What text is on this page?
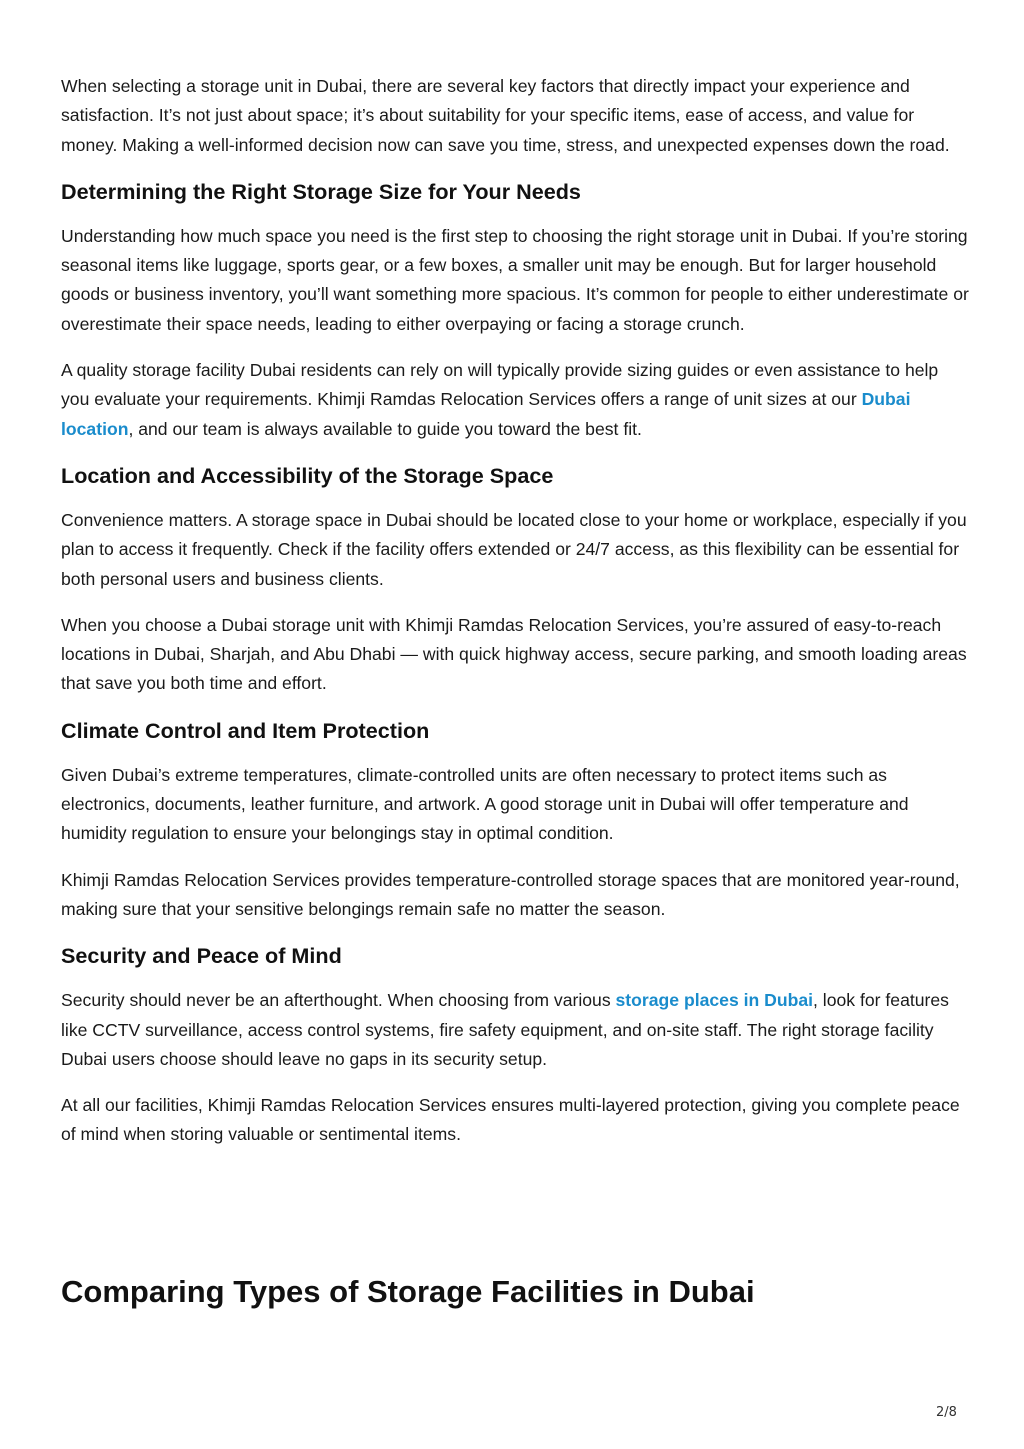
When selecting a storage unit in Dubai, there are several key factors that directly impact your experience and satisfaction. It’s not just about space; it’s about suitability for your specific items, ease of access, and value for money. Making a well-informed decision now can save you time, stress, and unexpected expenses down the road.

Determining the Right Storage Size for Your Needs

Understanding how much space you need is the first step to choosing the right storage unit in Dubai. If you’re storing seasonal items like luggage, sports gear, or a few boxes, a smaller unit may be enough. But for larger household goods or business inventory, you’ll want something more spacious. It’s common for people to either underestimate or overestimate their space needs, leading to either overpaying or facing a storage crunch.

A quality storage facility Dubai residents can rely on will typically provide sizing guides or even assistance to help you evaluate your requirements. Khimji Ramdas Relocation Services offers a range of unit sizes at our Dubai location, and our team is always available to guide you toward the best fit.

Location and Accessibility of the Storage Space

Convenience matters. A storage space in Dubai should be located close to your home or workplace, especially if you plan to access it frequently. Check if the facility offers extended or 24/7 access, as this flexibility can be essential for both personal users and business clients.

When you choose a Dubai storage unit with Khimji Ramdas Relocation Services, you’re assured of easy-to-reach locations in Dubai, Sharjah, and Abu Dhabi — with quick highway access, secure parking, and smooth loading areas that save you both time and effort.

Climate Control and Item Protection

Given Dubai’s extreme temperatures, climate-controlled units are often necessary to protect items such as electronics, documents, leather furniture, and artwork. A good storage unit in Dubai will offer temperature and humidity regulation to ensure your belongings stay in optimal condition.

Khimji Ramdas Relocation Services provides temperature-controlled storage spaces that are monitored year-round, making sure that your sensitive belongings remain safe no matter the season.

Security and Peace of Mind

Security should never be an afterthought. When choosing from various storage places in Dubai, look for features like CCTV surveillance, access control systems, fire safety equipment, and on-site staff. The right storage facility Dubai users choose should leave no gaps in its security setup.

At all our facilities, Khimji Ramdas Relocation Services ensures multi-layered protection, giving you complete peace of mind when storing valuable or sentimental items.

Comparing Types of Storage Facilities in Dubai
2/8
